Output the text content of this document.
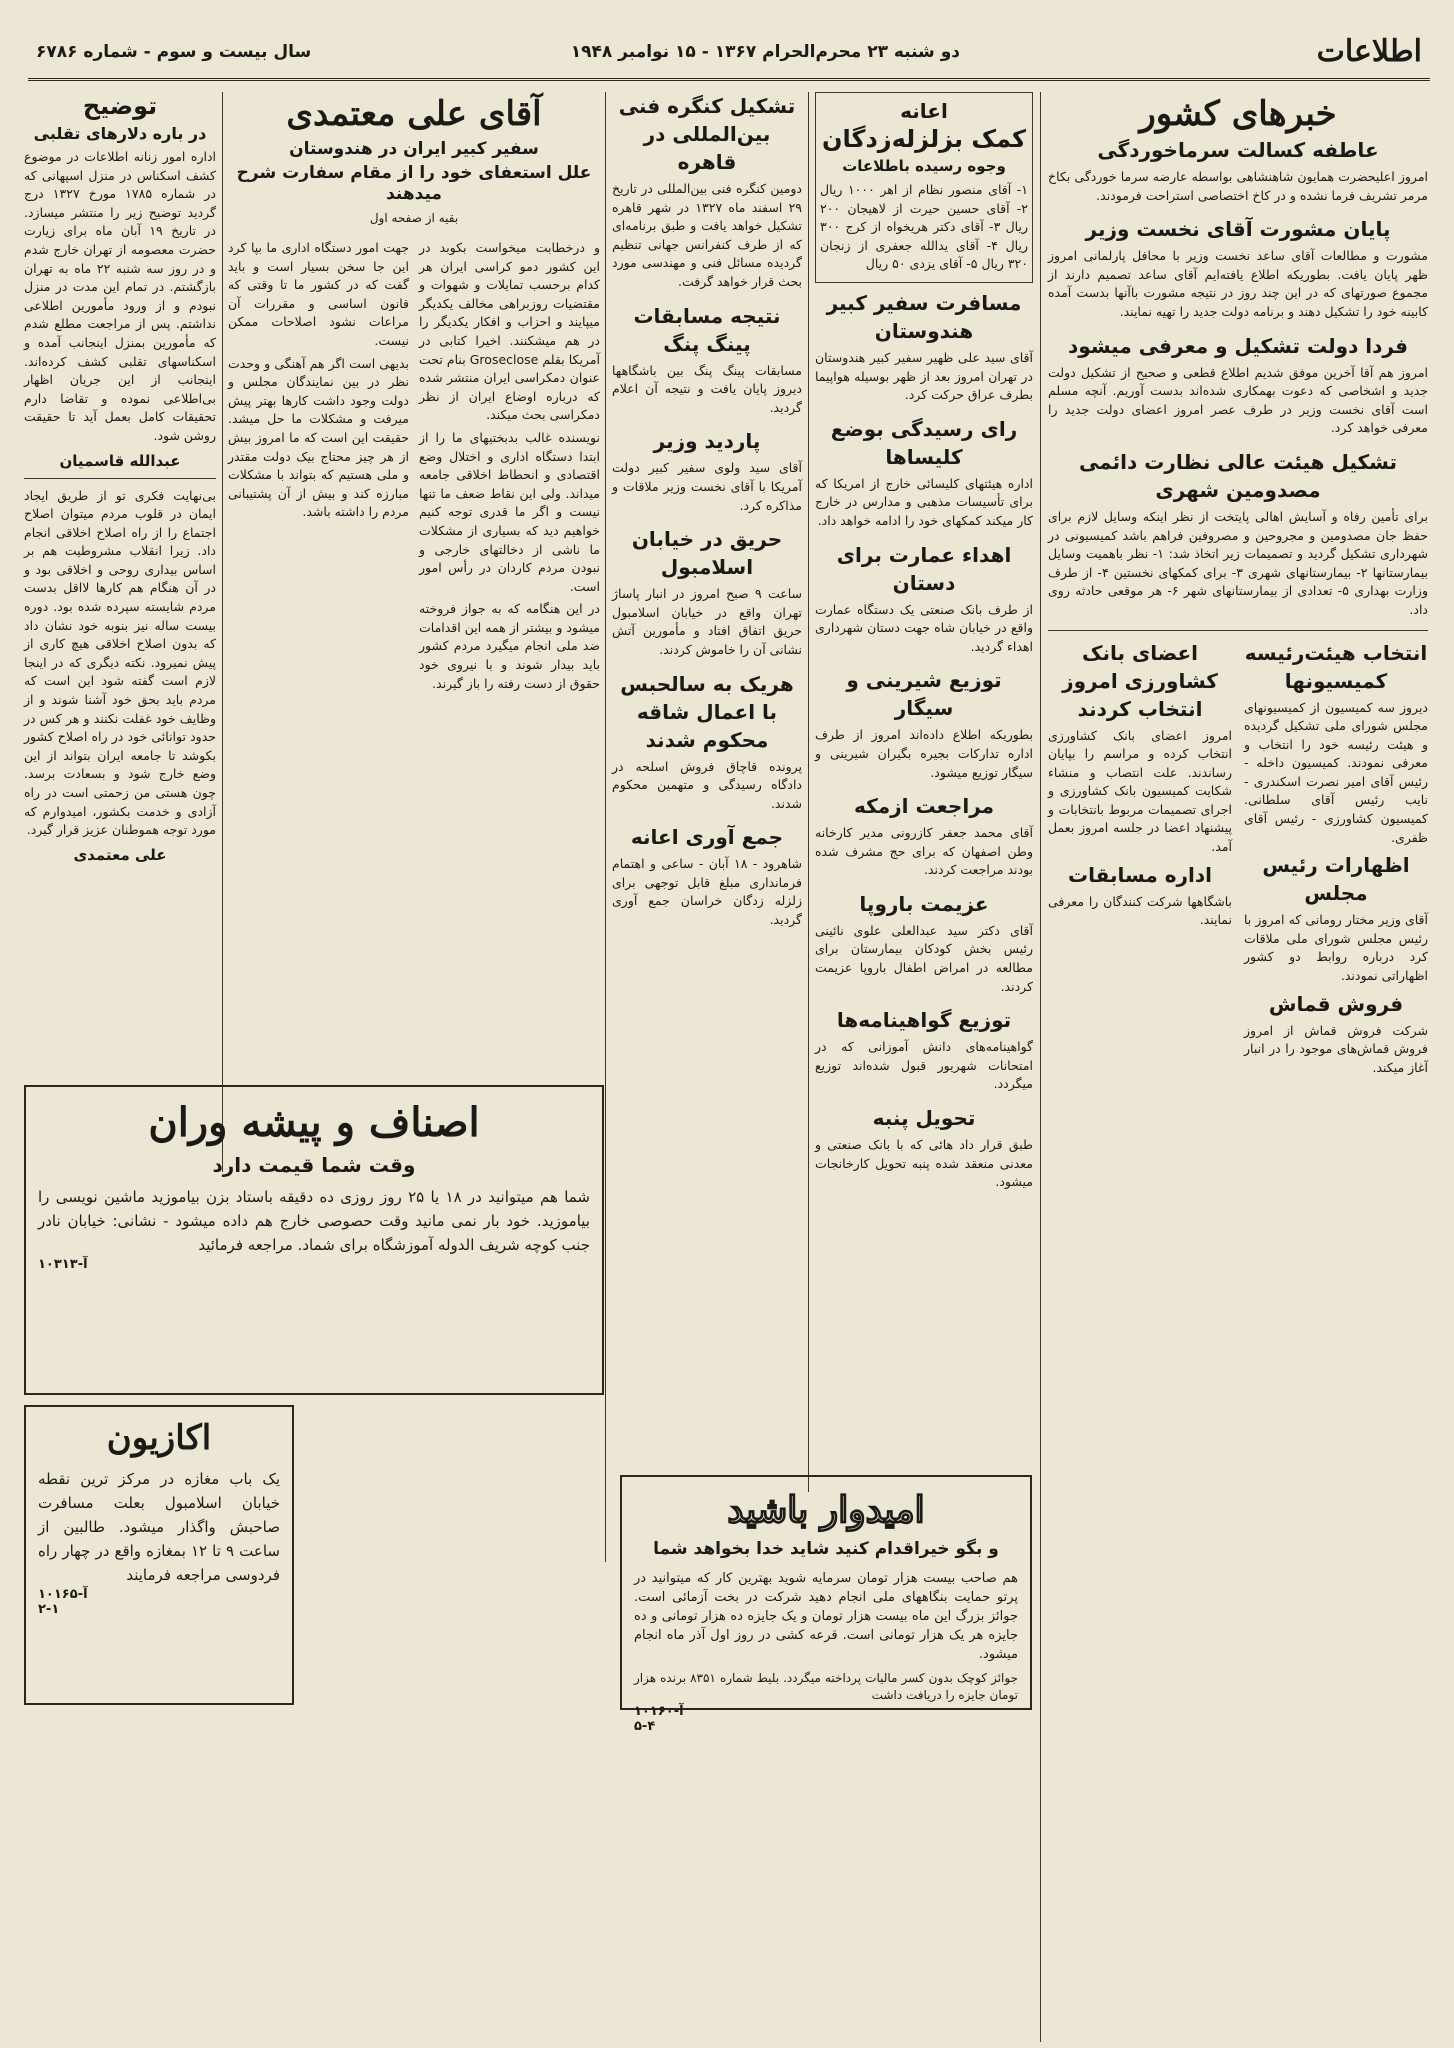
اطلاعات
دو شنبه ۲۳ محرم‌الحرام ۱۳۶۷ - ۱۵ نوامبر ۱۹۴۸
سال بیست و سوم - شماره ۶۷۸۶
خبرهای کشور
عاطفه کسالت سرماخوردگی

امروز اعلیحضرت همایون شاهنشاهی بواسطه عارضه سرما خوردگی بکاخ مرمر تشریف فرما نشده و در کاخ اختصاصی استراحت فرمودند.

پایان مشورت آقای نخست وزیر

مشورت و مطالعات آقای ساعد نخست وزیر با محافل پارلمانی امروز ظهر پایان یافت. بطوریکه اطلاع یافته‌ایم آقای ساعد تصمیم دارند از مجموع صورتهای که در این چند روز در نتیجه مشورت باآنها بدست آمده کابینه خود را تشکیل دهند و برنامه دولت جدید را تهیه نمایند.

فردا دولت تشکیل و معرفی میشود

امروز هم آقا آخرین موفق شدیم اطلاع قطعی و صحیح از تشکیل دولت جدید و اشخاصی که دعوت بهمکاری شده‌اند بدست آوریم. آنچه مسلم است آقای نخست وزیر در طرف عصر امروز اعضای دولت جدید را معرفی خواهد کرد.

تشکیل هیئت عالی نظارت دائمی مصدومین شهری

برای تأمین رفاه و آسایش اهالی پایتخت از نظر اینکه وسایل لازم برای حفظ جان مصدومین و مجروحین و مصروفین فراهم باشد کمیسیونی در شهرداری تشکیل گردید و تصمیمات زیر اتخاذ شد: ۱- نظر باهمیت وسایل بیمارستانها ۲- بیمارستانهای شهری ۳- برای کمکهای نخستین ۴- از طرف وزارت بهداری ۵- تعدادی از بیمارستانهای شهر ۶- هر موقعی حادثه روی داد.

انتخاب هیئت‌رئیسه کمیسیونها

دیروز سه کمیسیون از کمیسیونهای مجلس شورای ملی تشکیل گردیده و هیئت رئیسه خود را انتخاب و معرفی نمودند. کمیسیون داخله - رئیس آقای امیر نصرت اسکندری - نایب رئیس آقای سلطانی. کمیسیون کشاورزی - رئیس آقای ظفری.

اظهارات رئیس مجلس

آقای وزیر مختار رومانی که امروز با رئیس مجلس شورای ملی ملاقات کرد درباره روابط دو کشور اظهاراتی نمودند.

فروش قماش

شرکت فروش قماش از امروز فروش قماش‌های موجود را در انبار آغاز میکند.

اعضای بانک کشاورزی امروز انتخاب کردند

امروز اعضای بانک کشاورزی انتخاب کرده و مراسم را بپایان رساندند. علت انتصاب و منشاء شکایت کمیسیون بانک کشاورزی و اجرای تصمیمات مربوط بانتخابات و پیشنهاد اعضا در جلسه امروز بعمل آمد.

اداره مسابقات

باشگاهها شرکت کنندگان را معرفی نمایند.

اعانه
کمک بزلزله‌زدگان
وجوه رسیده باطلاعات

۱- آقای منصور نظام از اهر ۱۰۰۰ ریال ۲- آقای حسین حیرت از لاهیجان ۲۰۰ ریال ۳- آقای دکتر هریخواه از کرج ۳۰۰ ریال ۴- آقای یدالله جعفری از زنجان ۳۲۰ ریال ۵- آقای یزدی ۵۰ ریال

مسافرت سفیر کبیر هندوستان

آقای سید علی ظهیر سفیر کبیر هندوستان در تهران امروز بعد از ظهر بوسیله هواپیما بطرف عراق حرکت کرد.

رای رسیدگی بوضع کلیساها

اداره هیئتهای کلیسائی خارج از امریکا که برای تأسیسات مذهبی و مدارس در خارج کار میکند کمکهای خود را ادامه خواهد داد.

اهداء عمارت برای دستان

از طرف بانک صنعتی یک دستگاه عمارت واقع در خیابان شاه جهت دستان شهرداری اهداء گردید.

توزیع شیرینی و سیگار

بطوریکه اطلاع داده‌اند امروز از طرف اداره تدارکات بجیره بگیران شیرینی و سیگار توزیع میشود.

مراجعت ازمکه

آقای محمد جعفر کازرونی مدیر کارخانه وطن اصفهان که برای حج مشرف شده بودند مراجعت کردند.

عزیمت باروپا

آقای دکتر سید عبدالعلی علوی نائینی رئیس بخش کودکان بیمارستان برای مطالعه در امراض اطفال باروپا عزیمت کردند.

توزیع گواهینامه‌ها

گواهینامه‌های دانش آموزانی که در امتحانات شهریور قبول شده‌اند توزیع میگردد.

تحویل پنبه

طبق قرار داد هائی که با بانک صنعتی و معدنی منعقد شده پنبه تحویل کارخانجات میشود.

تشکیل کنگره فنی بین‌المللی در قاهره

دومین کنگره فنی بین‌المللی در تاریخ ۲۹ اسفند ماه ۱۳۲۷ در شهر قاهره تشکیل خواهد یافت و طبق برنامه‌ای که از طرف کنفرانس جهانی تنظیم گردیده مسائل فنی و مهندسی مورد بحث قرار خواهد گرفت.

نتیجه مسابقات پینگ پنگ

مسابقات پینگ پنگ بین باشگاهها دیروز پایان یافت و نتیجه آن اعلام گردید.

پاردید وزیر

آقای سید ولوی سفیر کبیر دولت آمریکا با آقای نخست وزیر ملاقات و مذاکره کرد.

حریق در خیابان اسلامبول

ساعت ۹ صبح امروز در انبار پاساژ تهران واقع در خیابان اسلامبول حریق اتفاق افتاد و مأمورین آتش نشانی آن را خاموش کردند.

هریک به سالحبس با اعمال شاقه محکوم شدند

پرونده قاچاق فروش اسلحه در دادگاه رسیدگی و متهمین محکوم شدند.

جمع آوری اعانه

شاهرود - ۱۸ آبان - ساعی و اهتمام فرمانداری مبلغ قابل توجهی برای زلزله زدگان خراسان جمع آوری گردید.

آقای علی معتمدی
سفیر کبیر ایران در هندوستان
علل استعفای خود را از مقام سفارت شرح میدهند
بقیه از صفحه اول

و درخطابت میخواست بکوبد در این کشور دمو کراسی ایران هر کدام برحسب تمایلات و شهوات و مقتضیات روزبراهی مخالف یکدیگر میپایند و احزاب و افکار یکدیگر را در هم میشکنند. اخیرا کتابی در آمریکا بقلم Groseclose بنام تحت عنوان دمکراسی ایران منتشر شده که درباره اوضاع ایران از نظر دمکراسی بحث میکند.

نویسنده غالب بدبختیهای ما را از ابتدا دستگاه اداری و اختلال وضع اقتصادی و انحطاط اخلاقی جامعه میداند. ولی این نقاط ضعف ما تنها نیست و اگر ما قدری توجه کنیم خواهیم دید که بسیاری از مشکلات ما ناشی از دخالتهای خارجی و نبودن مردم کاردان در رأس امور است.

در این هنگامه که به جواز فروخته میشود و بیشتر از همه این اقدامات ضد ملی انجام میگیرد مردم کشور باید بیدار شوند و با نیروی خود حقوق از دست رفته را باز گیرند.

جهت امور دستگاه اداری ما بپا کرد این جا سخن بسیار است و باید گفت که در کشور ما تا وقتی که قانون اساسی و مقررات آن مراعات نشود اصلاحات ممکن نیست.

بدیهی است اگر هم آهنگی و وحدت نظر در بین نمایندگان مجلس و دولت وجود داشت کارها بهتر پیش میرفت و مشکلات ما حل میشد. حقیقت این است که ما امروز بیش از هر چیز محتاج بیک دولت مقتدر و ملی هستیم که بتواند با مشکلات مبارزه کند و بیش از آن پشتیبانی مردم را داشته باشد.

توضیح
در باره دلارهای تقلبی

اداره امور زنانه اطلاعات در موضوع کشف اسکناس در منزل اسپهانی که در شماره ۱۷۸۵ مورخ ۱۳۲۷ درج گردید توضیح زیر را منتشر میسازد. در تاریخ ۱۹ آبان ماه برای زیارت حضرت معصومه از تهران خارج شدم و در روز سه شنبه ۲۲ ماه به تهران بازگشتم. در تمام این مدت در منزل نبودم و از ورود مأمورین اطلاعی نداشتم. پس از مراجعت مطلع شدم که مأمورین بمنزل اینجانب آمده و اسکناسهای تقلبی کشف کرده‌اند. اینجانب از این جریان اظهار بی‌اطلاعی نموده و تقاضا دارم تحقیقات کامل بعمل آید تا حقیقت روشن شود.

عبدالله قاسمیان

بی‌نهایت فکری تو از طریق ایجاد ایمان در قلوب مردم میتوان اصلاح اجتماع را از راه اصلاح اخلاقی انجام داد. زیرا انقلاب مشروطیت هم بر اساس بیداری روحی و اخلاقی بود و در آن هنگام هم کارها لااقل بدست مردم شایسته سپرده شده بود. دوره بیست ساله نیز بنوبه خود نشان داد که بدون اصلاح اخلاقی هیچ کاری از پیش نمیرود. نکته دیگری که در اینجا لازم است گفته شود این است که مردم باید بحق خود آشنا شوند و از وظایف خود غفلت نکنند و هر کس در حدود توانائی خود در راه اصلاح کشور بکوشد تا جامعه ایران بتواند از این وضع خارج شود و بسعادت برسد. چون هستی من زحمتی است در راه آزادی و خدمت بکشور، امیدوارم که مورد توجه هموطنان عزیز قرار گیرد.

علی معتمدی
اصناف و پیشه وران
وقت شما قیمت دارد
شما هم میتوانید در ۱۸ یا ۲۵ روز روزی ده دقیقه باستاد بزن بیاموزید ماشین نویسی را بیاموزید. خود بار نمی مانید وقت حصوصی خارج هم داده میشود - نشانی: خیابان نادر جنب کوچه شریف الدوله آموزشگاه برای شماد. مراجعه فرمائید
آ-۱۰۳۱۳
اکازیون
یک باب مغازه در مرکز ترین نقطه خیابان اسلامبول بعلت مسافرت صاحبش واگذار میشود. طالبین از ساعت ۹ تا ۱۲ بمغازه واقع در چهار راه فردوسی مراجعه فرمایند
آ-۱۰۱۶۵
۲-۱
امیدوار باشید
و بگو خیراقدام کنید شاید خدا بخواهد شما
هم صاحب بیست هزار تومان سرمایه شوید بهترین کار که میتوانید در پرتو حمایت بنگاههای ملی انجام دهید شرکت در بخت آزمائی است. جوائز بزرگ این ماه بیست هزار تومان و یک جایزه ده هزار تومانی و ده جایزه هر یک هزار تومانی است. قرعه کشی در روز اول آذر ماه انجام میشود.
جوائز کوچک بدون کسر مالیات پرداخته میگردد. بلیط شماره ۸۳۵۱ برنده هزار تومان جایزه را دریافت داشت
آ-۱۰۱۶۰
۵-۴
